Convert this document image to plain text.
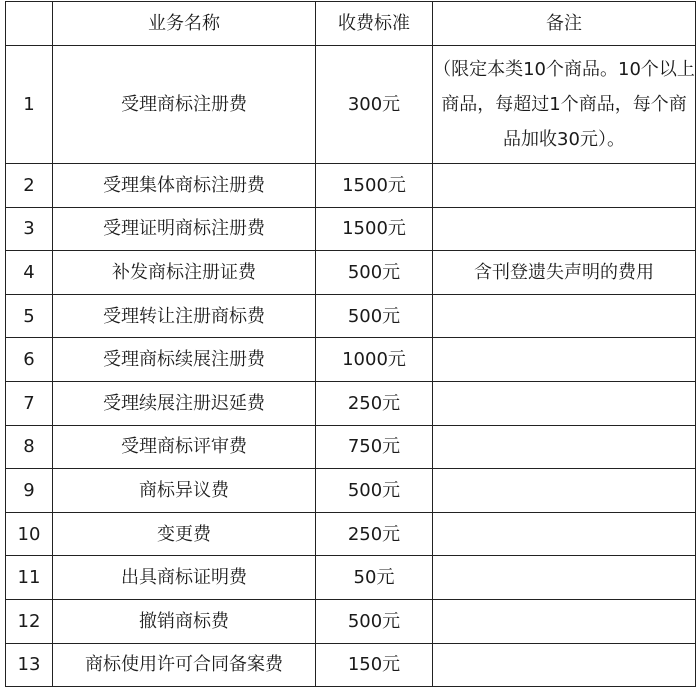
	业务名称	收费标准	备注
1	受理商标注册费	300元	（限定本类10个商品。10个以上商品，每超过1个商品，每个商品加收30元）。
2	受理集体商标注册费	1500元	
3	受理证明商标注册费	1500元	
4	补发商标注册证费	500元	含刊登遗失声明的费用
5	受理转让注册商标费	500元	
6	受理商标续展注册费	1000元	
7	受理续展注册迟延费	250元	
8	受理商标评审费	750元	
9	商标异议费	500元	
10	变更费	250元	
11	出具商标证明费	50元	
12	撤销商标费	500元	
13	商标使用许可合同备案费	150元	
